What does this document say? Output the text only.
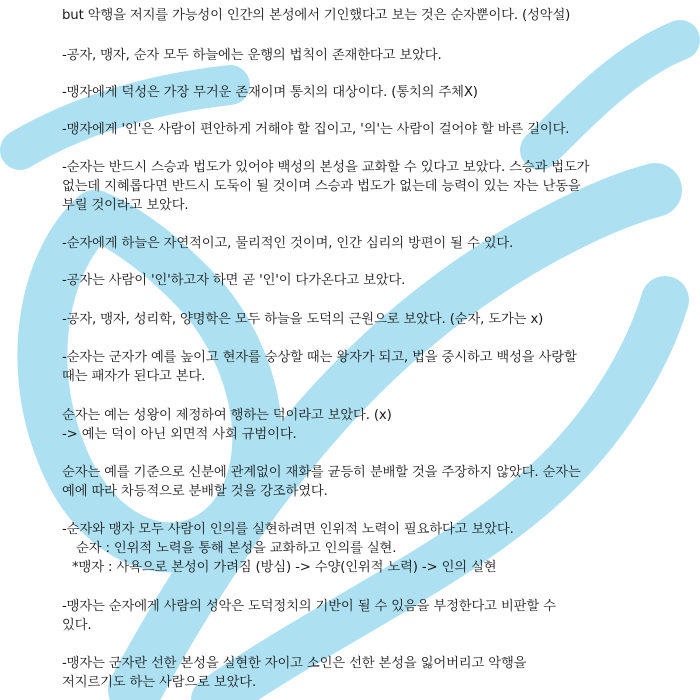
but 악행을 저지를 가능성이 인간의 본성에서 기인했다고 보는 것은 순자뿐이다. (성악설)

-공자, 맹자, 순자 모두 하늘에는 운행의 법칙이 존재한다고 보았다.

-맹자에게 덕성은 가장 무거운 존재이며 통치의 대상이다. (통치의 주체X)

-맹자에게 '인'은 사람이 편안하게 거해야 할 집이고, '의'는 사람이 걸어야 할 바른 길이다.

-순자는 반드시 스승과 법도가 있어야 백성의 본성을 교화할 수 있다고 보았다. 스승과 법도가

없는데 지혜롭다면 반드시 도둑이 될 것이며 스승과 법도가 없는데 능력이 있는 자는 난동을

부릴 것이라고 보았다.

-순자에게 하늘은 자연적이고, 물리적인 것이며, 인간 심리의 방편이 될 수 있다.

-공자는 사람이 '인'하고자 하면 곧 '인'이 다가온다고 보았다.

-공자, 맹자, 성리학, 양명학은 모두 하늘을 도덕의 근원으로 보았다. (순자, 도가는 x)

-순자는 군자가 예를 높이고 현자를 숭상할 때는 왕자가 되고, 법을 중시하고 백성을 사랑할

때는 패자가 된다고 본다.

순자는 예는 성왕이 제정하여 행하는 덕이라고 보았다. (x)

-> 예는 덕이 아닌 외면적 사회 규범이다.

순자는 예를 기준으로 신분에 관계없이 재화를 균등히 분배할 것을 주장하지 않았다. 순자는

예에 따라 차등적으로 분배할 것을 강조하였다.

-순자와 맹자 모두 사람이 인의를 실현하려면 인위적 노력이 필요하다고 보았다.

순자 : 인위적 노력을 통해 본성을 교화하고 인의를 실현.

*맹자 : 사욕으로 본성이 가려짐 (방심) -> 수양(인위적 노력) -> 인의 실현

-맹자는 순자에게 사람의 성악은 도덕정치의 기반이 될 수 있음을 부정한다고 비판할 수

있다.

-맹자는 군자란 선한 본성을 실현한 자이고 소인은 선한 본성을 잃어버리고 악행을

저지르기도 하는 사람으로 보았다.
